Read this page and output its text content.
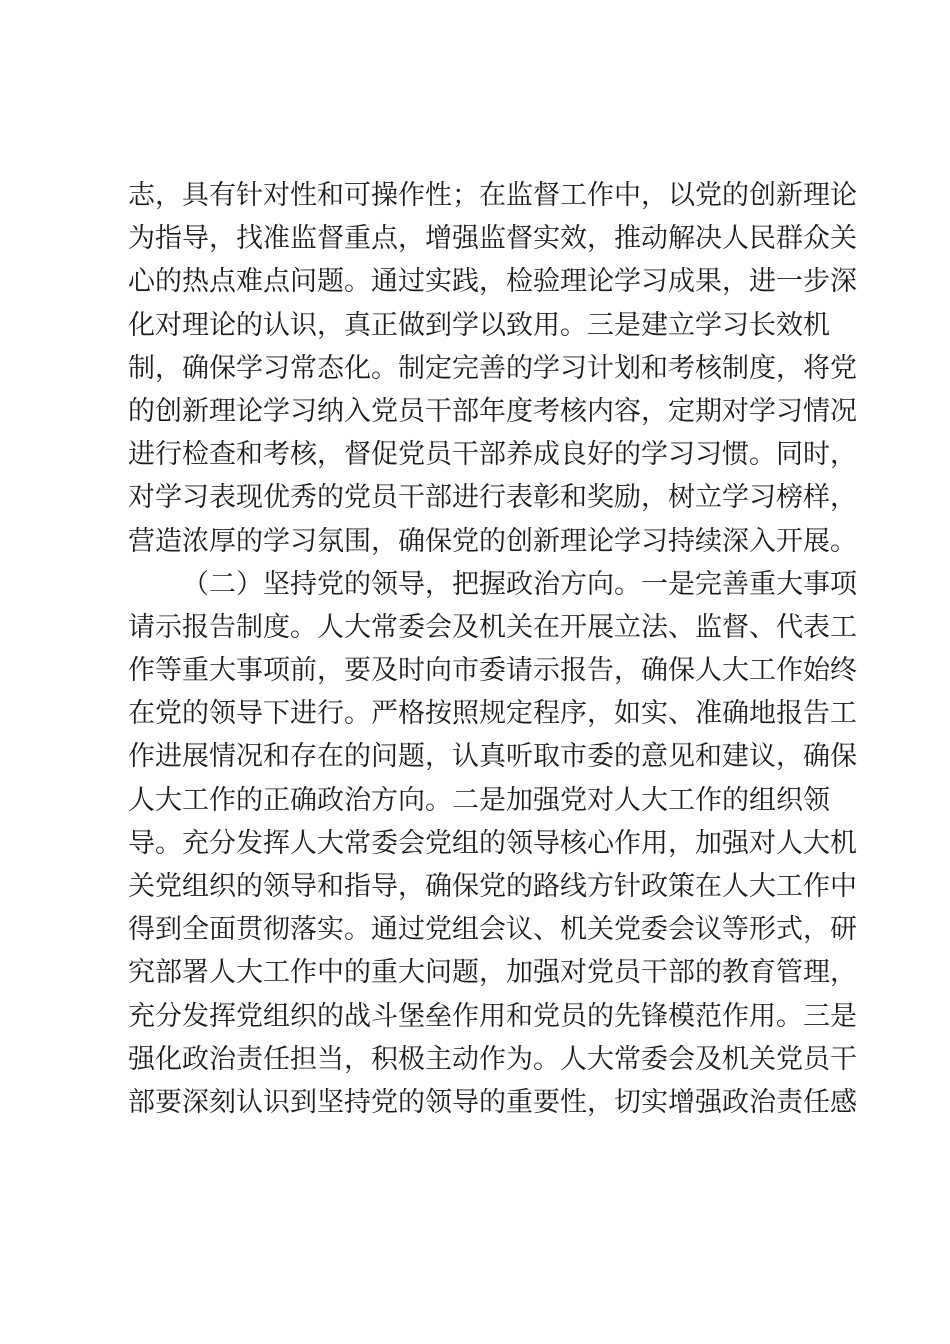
志，具有针对性和可操作性；在监督工作中，以党的创新理论
为指导，找准监督重点，增强监督实效，推动解决人民群众关
心的热点难点问题。通过实践，检验理论学习成果，进一步深
化对理论的认识，真正做到学以致用。三是建立学习长效机
制，确保学习常态化。制定完善的学习计划和考核制度，将党
的创新理论学习纳入党员干部年度考核内容，定期对学习情况
进行检查和考核，督促党员干部养成良好的学习习惯。同时，
对学习表现优秀的党员干部进行表彰和奖励，树立学习榜样，
营造浓厚的学习氛围，确保党的创新理论学习持续深入开展。
（二）坚持党的领导，把握政治方向。一是完善重大事项
请示报告制度。人大常委会及机关在开展立法、监督、代表工
作等重大事项前，要及时向市委请示报告，确保人大工作始终
在党的领导下进行。严格按照规定程序，如实、准确地报告工
作进展情况和存在的问题，认真听取市委的意见和建议，确保
人大工作的正确政治方向。二是加强党对人大工作的组织领
导。充分发挥人大常委会党组的领导核心作用，加强对人大机
关党组织的领导和指导，确保党的路线方针政策在人大工作中
得到全面贯彻落实。通过党组会议、机关党委会议等形式，研
究部署人大工作中的重大问题，加强对党员干部的教育管理，
充分发挥党组织的战斗堡垒作用和党员的先锋模范作用。三是
强化政治责任担当，积极主动作为。人大常委会及机关党员干
部要深刻认识到坚持党的领导的重要性，切实增强政治责任感
